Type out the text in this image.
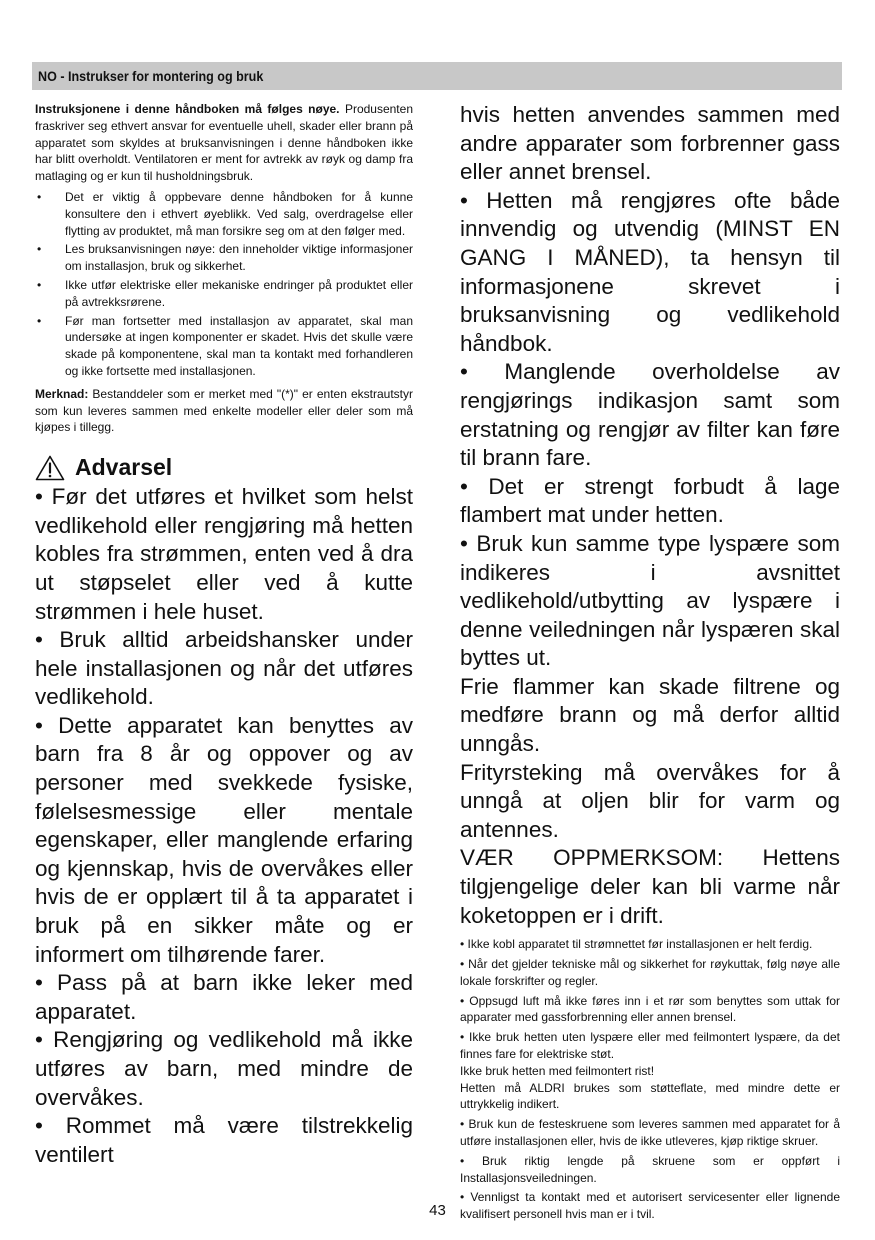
NO - Instrukser for montering og bruk

Instruksjonene i denne håndboken må følges nøye. Produsenten fraskriver seg ethvert ansvar for eventuelle uhell, skader eller brann på apparatet som skyldes at bruksanvisningen i denne håndboken ikke har blitt overholdt. Ventilatoren er ment for avtrekk av røyk og damp fra matlaging og er kun til husholdningsbruk.

• Det er viktig å oppbevare denne håndboken for å kunne konsultere den i ethvert øyeblikk. Ved salg, overdragelse eller flytting av produktet, må man forsikre seg om at den følger med.
• Les bruksanvisningen nøye: den inneholder viktige informasjoner om installasjon, bruk og sikkerhet.
• Ikke utfør elektriske eller mekaniske endringer på produktet eller på avtrekksrørene.
• Før man fortsetter med installasjon av apparatet, skal man undersøke at ingen komponenter er skadet. Hvis det skulle være skade på komponentene, skal man ta kontakt med forhandleren og ikke fortsette med installasjonen.

Merknad: Bestanddeler som er merket med "(*)" er enten ekstrautstyr som kun leveres sammen med enkelte modeller eller deler som må kjøpes i tillegg.

Advarsel

• Før det utføres et hvilket som helst vedlikehold eller rengjøring må hetten kobles fra strømmen, enten ved å dra ut støpselet eller ved å kutte strømmen i hele huset.

• Bruk alltid arbeidshansker under hele installasjonen og når det utføres vedlikehold.

• Dette apparatet kan benyttes av barn fra 8 år og oppover og av personer med svekkede fysiske, følelsesmessige eller mentale egenskaper, eller manglende erfaring og kjennskap, hvis de overvåkes eller hvis de er opplært til å ta apparatet i bruk på en sikker måte og er informert om tilhørende farer.

• Pass på at barn ikke leker med apparatet.

• Rengjøring og vedlikehold må ikke utføres av barn, med mindre de overvåkes.

• Rommet må være tilstrekkelig ventilert

hvis hetten anvendes sammen med andre apparater som forbrenner gass eller annet brensel.

• Hetten må rengjøres ofte både innvendig og utvendig (MINST EN GANG I MÅNED), ta hensyn til informasjonene skrevet i bruksanvisning og vedlikehold håndbok.

• Manglende overholdelse av rengjørings indikasjon samt som erstatning og rengjør av filter kan føre til brann fare.

• Det er strengt forbudt å lage flambert mat under hetten.

• Bruk kun samme type lyspære som indikeres i avsnittet vedlikehold/utbytting av lyspære i denne veiledningen når lyspæren skal byttes ut.

Frie flammer kan skade filtrene og medføre brann og må derfor alltid unngås.

Frityrsteking må overvåkes for å unngå at oljen blir for varm og antennes.

VÆR OPPMERKSOM: Hettens tilgjengelige deler kan bli varme når koketoppen er i drift.

• Ikke kobl apparatet til strømnettet før installasjonen er helt ferdig.

• Når det gjelder tekniske mål og sikkerhet for røykuttak, følg nøye alle lokale forskrifter og regler.

• Oppsugd luft må ikke føres inn i et rør som benyttes som uttak for apparater med gassforbrenning eller annen brensel.

• Ikke bruk hetten uten lyspære eller med feilmontert lyspære, da det finnes fare for elektriske støt.

Ikke bruk hetten med feilmontert rist!

Hetten må ALDRI brukes som støtteflate, med mindre dette er uttrykkelig indikert.

• Bruk kun de festeskruene som leveres sammen med apparatet for å utføre installasjonen eller, hvis de ikke utleveres, kjøp riktige skruer.

• Bruk riktig lengde på skruene som er oppført i Installasjonsveiledningen.

• Vennligst ta kontakt med et autorisert servicesenter eller lignende kvalifisert personell hvis man er i tvil.

43
